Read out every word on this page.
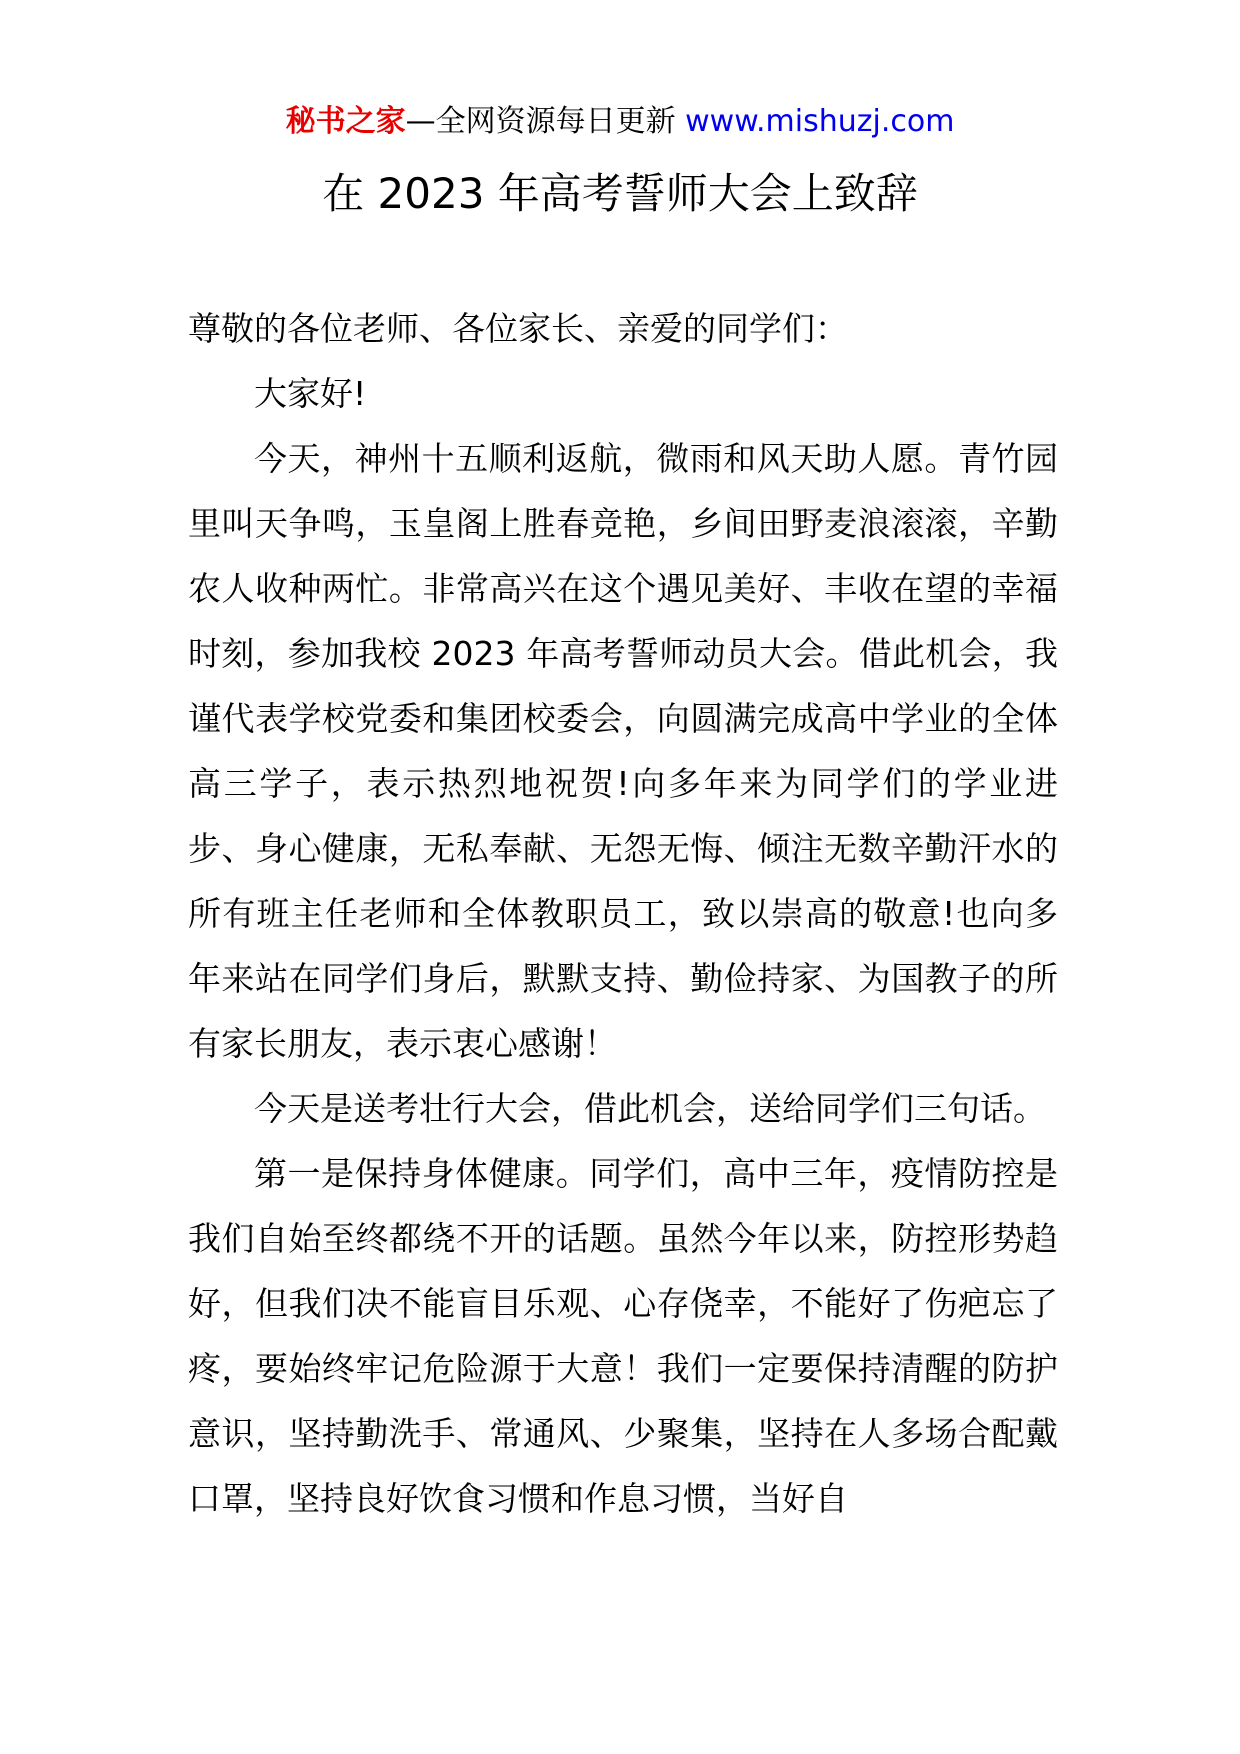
秘书之家—全网资源每日更新 www.mishuzj.com
在 2023 年高考誓师大会上致辞

尊敬的各位老师、各位家长、亲爱的同学们：

大家好!

今天，神州十五顺利返航，微雨和风天助人愿。青竹园里叫天争鸣，玉皇阁上胜春竞艳，乡间田野麦浪滚滚，辛勤农人收种两忙。非常高兴在这个遇见美好、丰收在望的幸福时刻，参加我校 2023 年高考誓师动员大会。借此机会，我谨代表学校党委和集团校委会，向圆满完成高中学业的全体高三学子，表示热烈地祝贺!向多年来为同学们的学业进步、身心健康，无私奉献、无怨无悔、倾注无数辛勤汗水的所有班主任老师和全体教职员工，致以崇高的敬意!也向多年来站在同学们身后，默默支持、勤俭持家、为国教子的所有家长朋友，表示衷心感谢！

今天是送考壮行大会，借此机会，送给同学们三句话。

第一是保持身体健康。同学们，高中三年，疫情防控是我们自始至终都绕不开的话题。虽然今年以来，防控形势趋好，但我们决不能盲目乐观、心存侥幸，不能好了伤疤忘了疼，要始终牢记危险源于大意！我们一定要保持清醒的防护意识，坚持勤洗手、常通风、少聚集，坚持在人多场合配戴口罩，坚持良好饮食习惯和作息习惯，当好自
